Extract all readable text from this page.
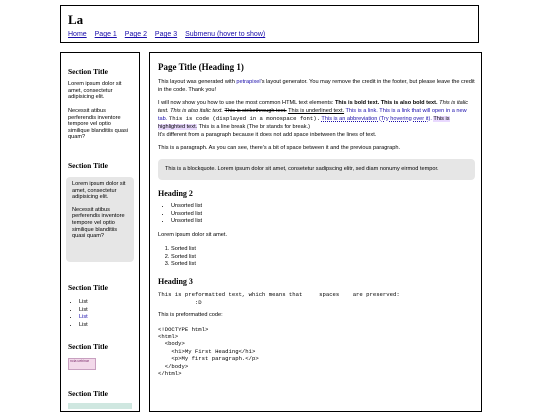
La
Home Page 1 Page 2 Page 3 Submenu (hover to show)
Section Title

Lorem ipsum dolor sit amet, consectetur adipisicing elit.

Necessit atibus perferendis inventore tempore vel optio similique blanditiis quasi quam?

Section Title

Lorem ipsum dolor sit amet, consectetur adipisicing elit.

Necessit atibus perferendis inventore tempore vel optio similique blanditiis quasi quam?

Section Title
• List
• List
• List
• List
Section Title
ncia uebinar
Section Title
Page Title (Heading 1)

This layout was generated with petrapixel's layout generator. You may remove the credit in the footer, but please leave the credit in the code. Thank you!

I will now show you how to use the most common HTML text elements: This is bold text. This is also bold text. This is italic text. This is also italic text. This is strikethrough text. This is underlined text. This is a link. This is a link that will open in a new tab. This is code (displayed in a monospace font). This is an abbreviation (Try hovering over it). This is highlighted text. This is a line break (The br stands for break.)
It's different from a paragraph because it does not add space inbetween the lines of text.

This is a paragraph. As you can see, there's a bit of space between it and the previous paragraph.

This is a blockquote. Lorem ipsum dolor sit amet, consetetur sadipscing elitr, sed diam nonumy eirmod tempor.
Heading 2
• Unsorted list
• Unsorted list
• Unsorted list

Lorem ipsum dolor sit amet.

1. Sorted list
2. Sorted list
3. Sorted list
Heading 3
This is preformatted text, which means that     spaces    are preserved:
:D

This is preformatted code:

<!DOCTYPE html>
<html>
<body>
<h1>My First Heading</h1>
<p>My first paragraph.</p>
</body>
</html>
